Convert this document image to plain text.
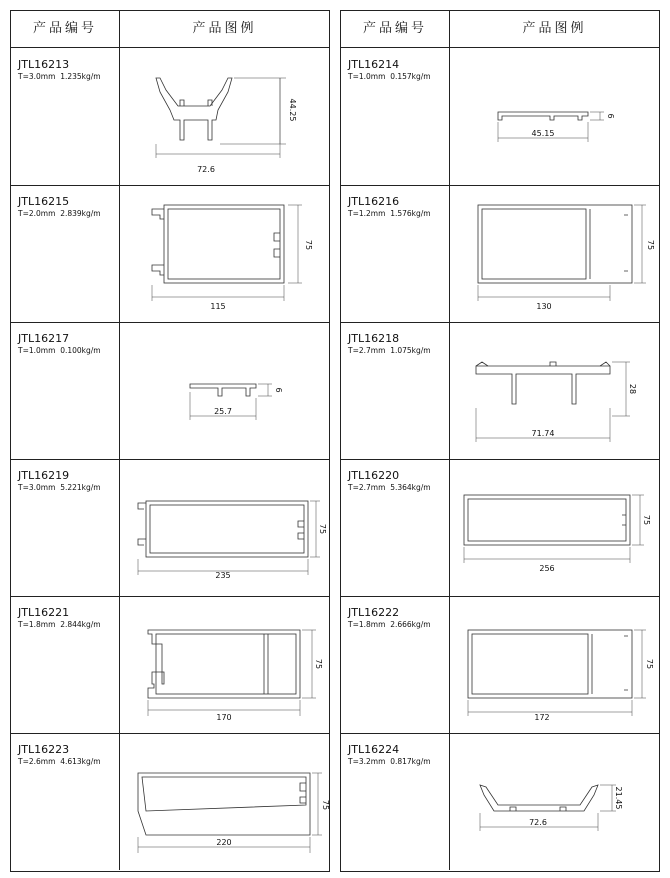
产品编号	产品图例
JTL16213
T=3.0mm 1.235kg/m
72.6
44.25
JTL16215
T=2.0mm 2.839kg/m
115
75
JTL16217
T=1.0mm 0.100kg/m
25.7
6
JTL16219
T=3.0mm 5.221kg/m
235
75
JTL16221
T=1.8mm 2.844kg/m
170
75
JTL16223
T=2.6mm 4.613kg/m
220
75
产品编号	产品图例
JTL16214
T=1.0mm 0.157kg/m
45.15
6
JTL16216
T=1.2mm 1.576kg/m
130
75
JTL16218
T=2.7mm 1.075kg/m
71.74
28
JTL16220
T=2.7mm 5.364kg/m
256
75
JTL16222
T=1.8mm 2.666kg/m
172
75
JTL16224
T=3.2mm 0.817kg/m
72.6
21.45
